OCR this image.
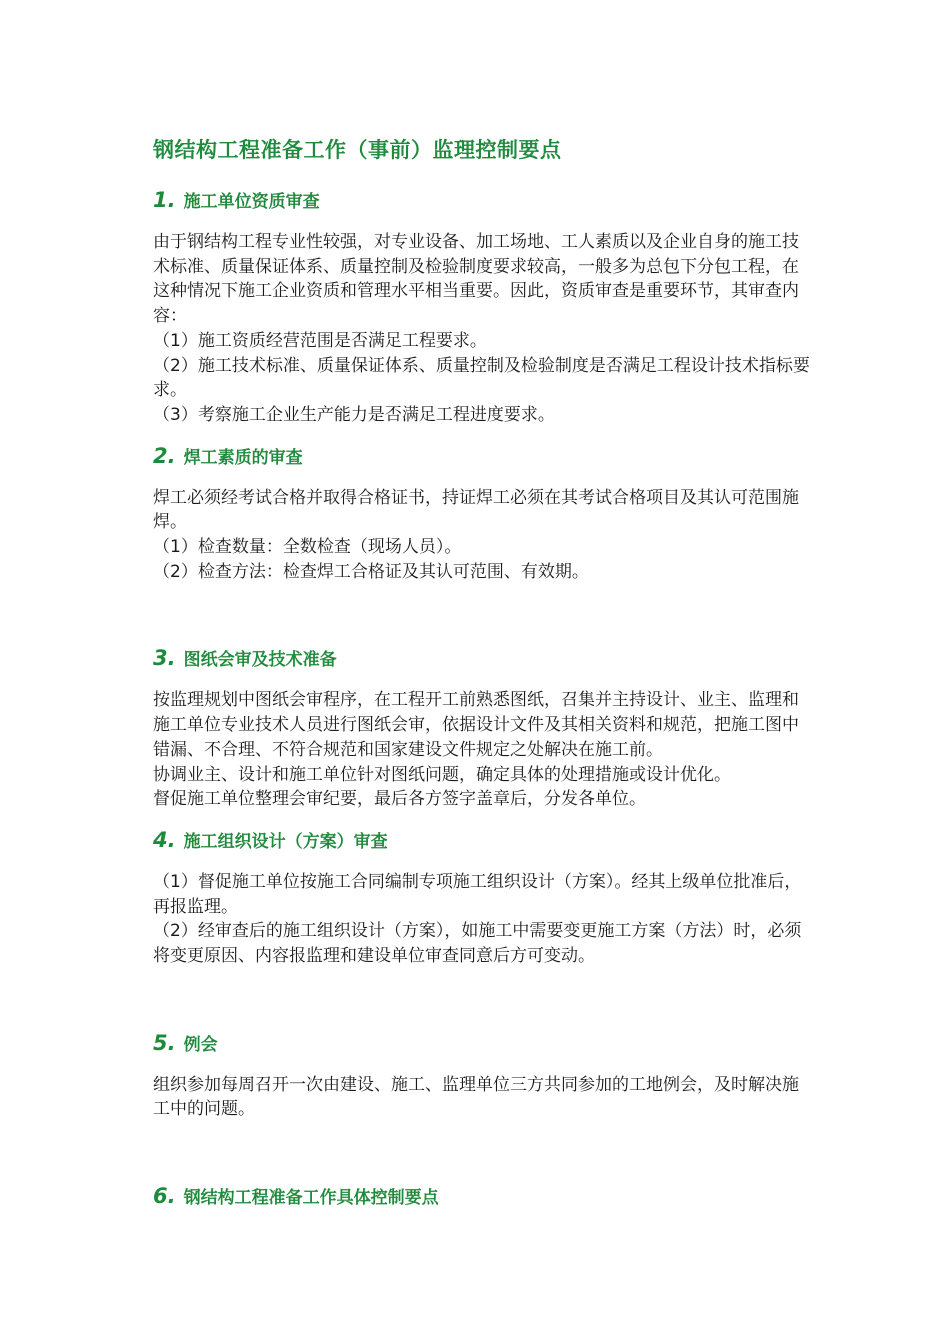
钢结构工程准备工作（事前）监理控制要点
1. 施工单位资质审查

由于钢结构工程专业性较强，对专业设备、加工场地、工人素质以及企业自身的施工技术标准、质量保证体系、质量控制及检验制度要求较高，一般多为总包下分包工程，在这种情况下施工企业资质和管理水平相当重要。因此，资质审查是重要环节，其审查内容：

（1）施工资质经营范围是否满足工程要求。

（2）施工技术标准、质量保证体系、质量控制及检验制度是否满足工程设计技术指标要求。

（3）考察施工企业生产能力是否满足工程进度要求。

2. 焊工素质的审查

焊工必须经考试合格并取得合格证书，持证焊工必须在其考试合格项目及其认可范围施焊。

（1）检查数量：全数检查（现场人员）。

（2）检查方法：检查焊工合格证及其认可范围、有效期。

3. 图纸会审及技术准备

按监理规划中图纸会审程序，在工程开工前熟悉图纸，召集并主持设计、业主、监理和施工单位专业技术人员进行图纸会审，依据设计文件及其相关资料和规范，把施工图中错漏、不合理、不符合规范和国家建设文件规定之处解决在施工前。

协调业主、设计和施工单位针对图纸问题，确定具体的处理措施或设计优化。

督促施工单位整理会审纪要，最后各方签字盖章后，分发各单位。

4. 施工组织设计（方案）审查

（1）督促施工单位按施工合同编制专项施工组织设计（方案）。经其上级单位批准后，再报监理。

（2）经审查后的施工组织设计（方案），如施工中需要变更施工方案（方法）时，必须将变更原因、内容报监理和建设单位审查同意后方可变动。

5. 例会

组织参加每周召开一次由建设、施工、监理单位三方共同参加的工地例会，及时解决施工中的问题。

6. 钢结构工程准备工作具体控制要点
